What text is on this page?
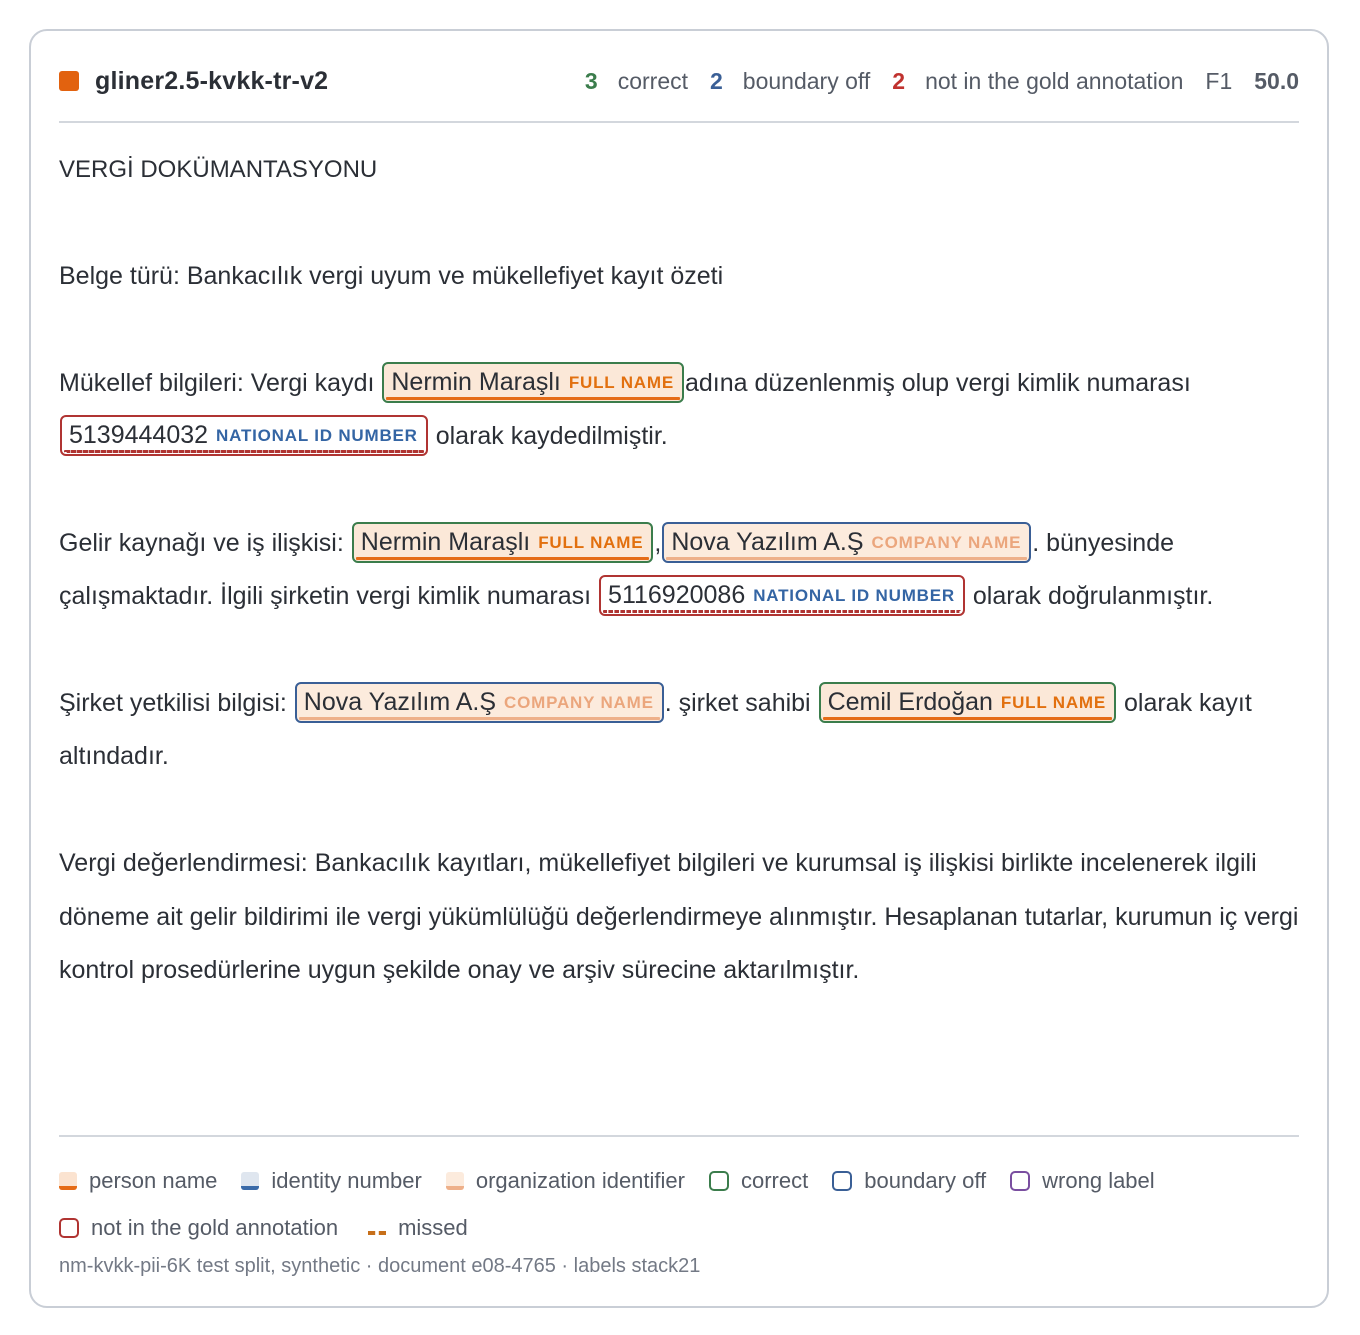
gliner2.5-kvkk-tr-v2	3 correct 2 boundary off 2 not in the gold annotation F1 50.0

VERGİ DOKÜMANTASYONU

Belge türü: Bankacılık vergi uyum ve mükellefiyet kayıt özeti

Mükellef bilgileri: Vergi kaydı Nermin Maraşlı FULL NAME adına düzenlenmiş olup vergi kimlik numarası 5139444032 NATIONAL ID NUMBER olarak kaydedilmiştir.

Gelir kaynağı ve iş ilişkisi: Nermin Maraşlı FULL NAME , Nova Yazılım A.Ş COMPANY NAME . bünyesinde çalışmaktadır. İlgili şirketin vergi kimlik numarası 5116920086 NATIONAL ID NUMBER olarak doğrulanmıştır.

Şirket yetkilisi bilgisi: Nova Yazılım A.Ş COMPANY NAME . şirket sahibi Cemil Erdoğan FULL NAME olarak kayıt altındadır.

Vergi değerlendirmesi: Bankacılık kayıtları, mükellefiyet bilgileri ve kurumsal iş ilişkisi birlikte incelenerek ilgili döneme ait gelir bildirimi ile vergi yükümlülüğü değerlendirmeye alınmıştır. Hesaplanan tutarlar, kurumun iç vergi kontrol prosedürlerine uygun şekilde onay ve arşiv sürecine aktarılmıştır.

person name identity number organization identifier	correct	boundary off	wrong label
not in the gold annotation	missed
nm-kvkk-pii-6K test split, synthetic · document e08-4765 · labels stack21
